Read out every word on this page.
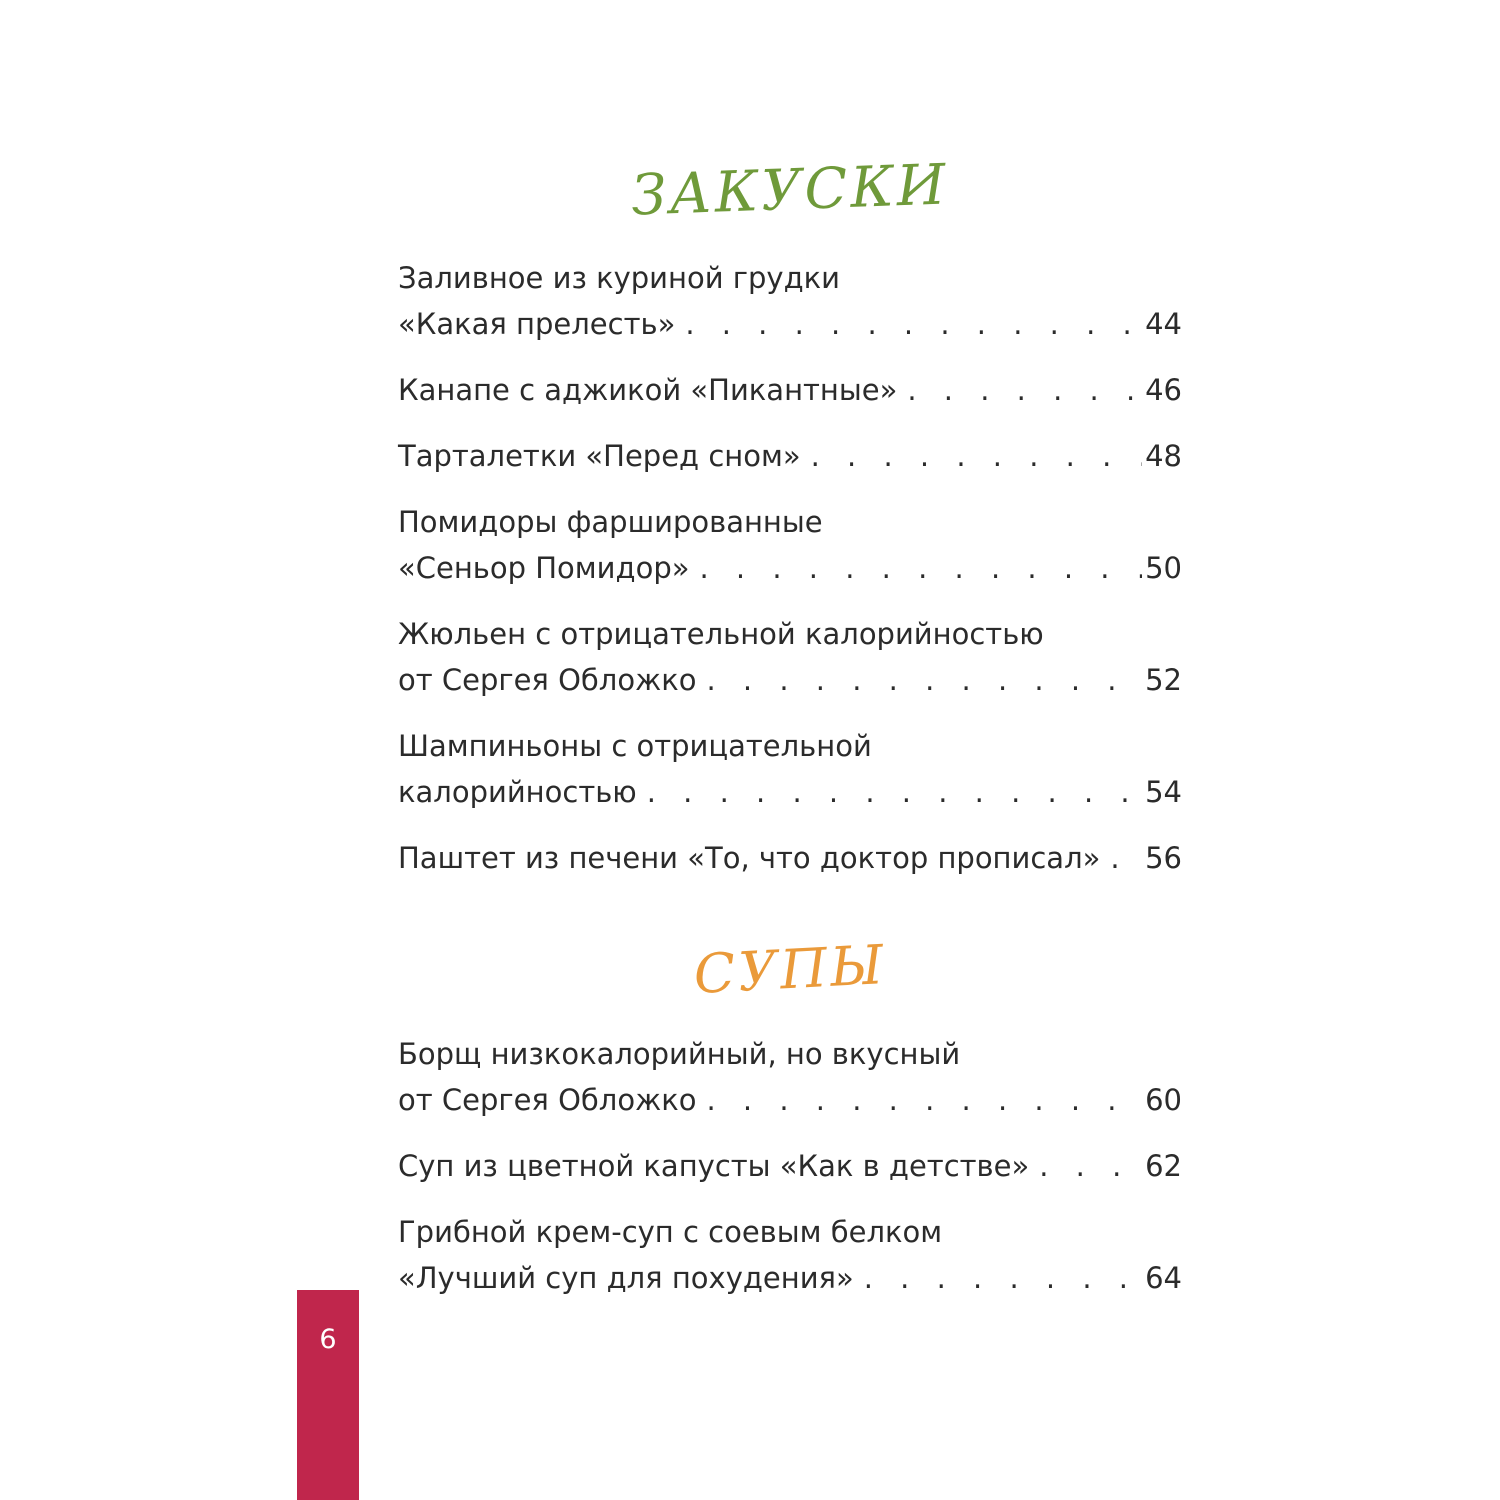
ЗАКУСКИ
Заливное из куриной грудки
«Какая прелесть» . . .	44
Канапе с аджикой «Пикантные» . . .	46
Тарталетки «Перед сном» . . .	48
Помидоры фаршированные
«Сеньор Помидор» . . .	50
Жюльен с отрицательной калорийностью
от Сергея Обложко . . .	52
Шампиньоны с отрицательной
калорийностью . . .	54
Паштет из печени «То, что доктор прописал» . . . 56
СУПЫ
Борщ низкокалорийный, но вкусный
от Сергея Обложко . . .	60
Суп из цветной капусты «Как в детстве» . . .	62
Грибной крем-суп с соевым белком
«Лучший суп для похудения» . . .	64
6
